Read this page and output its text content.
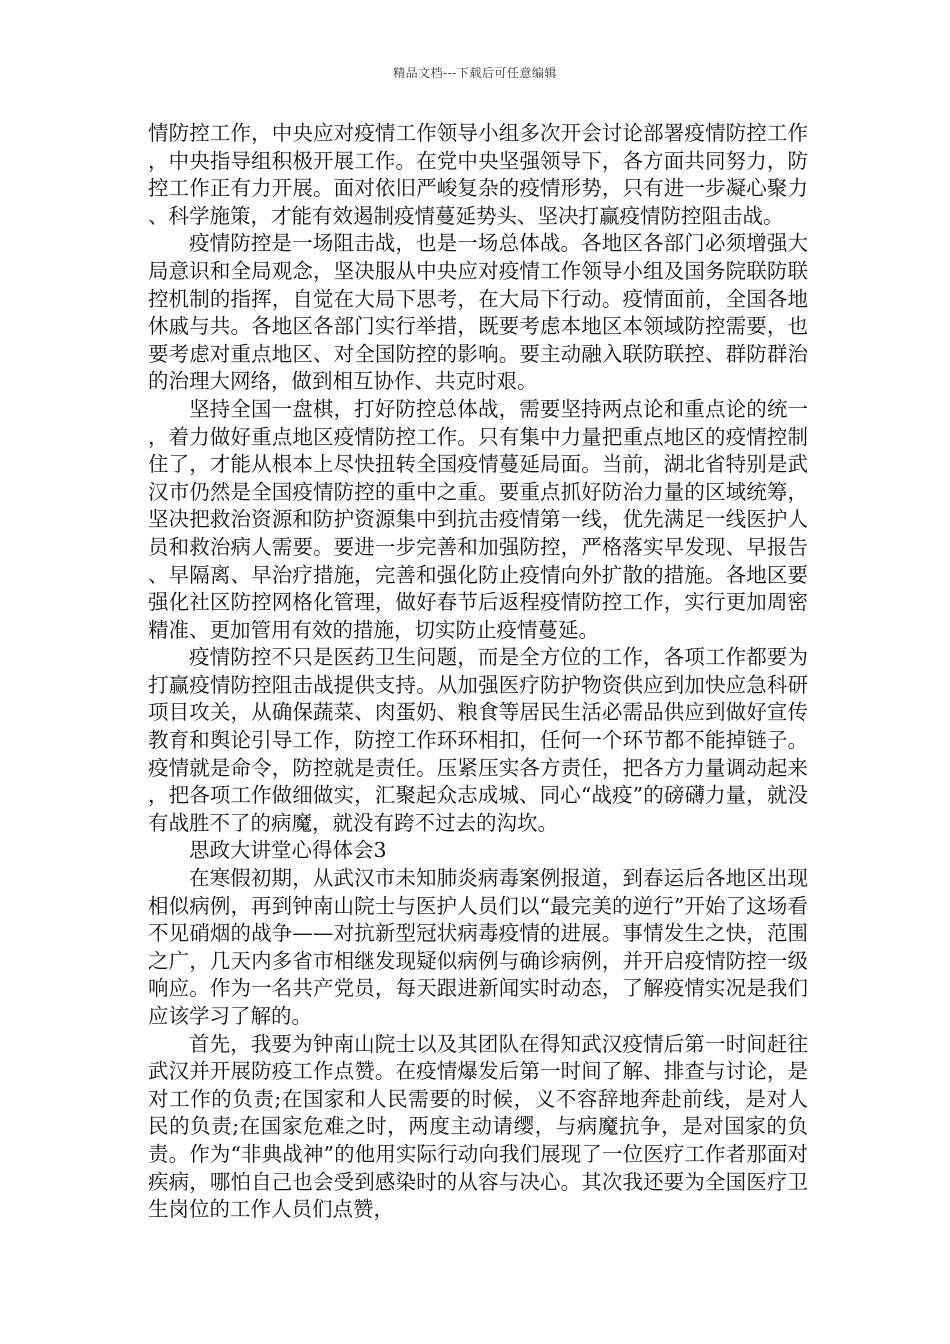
精品文档---下载后可任意编辑

情防控工作，中央应对疫情工作领导小组多次开会讨论部署疫情防控工作，中央指导组积极开展工作。在党中央坚强领导下，各方面共同努力，防控工作正有力开展。面对依旧严峻复杂的疫情形势，只有进一步凝心聚力、科学施策，才能有效遏制疫情蔓延势头、坚决打赢疫情防控阻击战。

疫情防控是一场阻击战，也是一场总体战。各地区各部门必须增强大局意识和全局观念，坚决服从中央应对疫情工作领导小组及国务院联防联控机制的指挥，自觉在大局下思考，在大局下行动。疫情面前，全国各地休戚与共。各地区各部门实行举措，既要考虑本地区本领域防控需要，也要考虑对重点地区、对全国防控的影响。要主动融入联防联控、群防群治的治理大网络，做到相互协作、共克时艰。

坚持全国一盘棋，打好防控总体战，需要坚持两点论和重点论的统一，着力做好重点地区疫情防控工作。只有集中力量把重点地区的疫情控制住了，才能从根本上尽快扭转全国疫情蔓延局面。当前，湖北省特别是武汉市仍然是全国疫情防控的重中之重。要重点抓好防治力量的区域统筹，坚决把救治资源和防护资源集中到抗击疫情第一线，优先满足一线医护人员和救治病人需要。要进一步完善和加强防控，严格落实早发现、早报告、早隔离、早治疗措施，完善和强化防止疫情向外扩散的措施。各地区要强化社区防控网格化管理，做好春节后返程疫情防控工作，实行更加周密精准、更加管用有效的措施，切实防止疫情蔓延。

疫情防控不只是医药卫生问题，而是全方位的工作，各项工作都要为打赢疫情防控阻击战提供支持。从加强医疗防护物资供应到加快应急科研项目攻关，从确保蔬菜、肉蛋奶、粮食等居民生活必需品供应到做好宣传教育和舆论引导工作，防控工作环环相扣，任何一个环节都不能掉链子。疫情就是命令，防控就是责任。压紧压实各方责任，把各方力量调动起来，把各项工作做细做实，汇聚起众志成城、同心“战疫”的磅礴力量，就没有战胜不了的病魔，就没有跨不过去的沟坎。

思政大讲堂心得体会3

在寒假初期，从武汉市未知肺炎病毒案例报道，到春运后各地区出现相似病例，再到钟南山院士与医护人员们以“最完美的逆行”开始了这场看不见硝烟的战争——对抗新型冠状病毒疫情的进展。事情发生之快，范围之广，几天内多省市相继发现疑似病例与确诊病例，并开启疫情防控一级响应。作为一名共产党员，每天跟进新闻实时动态，了解疫情实况是我们应该学习了解的。

首先，我要为钟南山院士以及其团队在得知武汉疫情后第一时间赶往武汉并开展防疫工作点赞。在疫情爆发后第一时间了解、排查与讨论，是对工作的负责;在国家和人民需要的时候，义不容辞地奔赴前线，是对人民的负责;在国家危难之时，两度主动请缨，与病魔抗争，是对国家的负责。作为“非典战神”的他用实际行动向我们展现了一位医疗工作者那面对疾病，哪怕自己也会受到感染时的从容与决心。其次我还要为全国医疗卫生岗位的工作人员们点赞，
